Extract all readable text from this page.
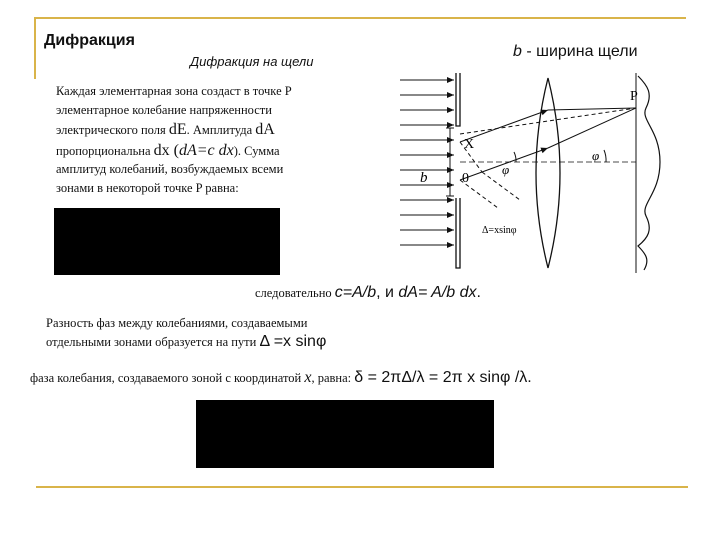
Дифракция
Дифракция на щели
b - ширина щели
Каждая элементарная зона создаст в точке P
элементарное колебание напряженности
электрического поля dE. Амплитуда dA
пропорциональна dx (dA=c dx). Сумма
амплитуд колебаний, возбуждаемых всеми
зонами в некоторой точке P равна:
следовательно c=A/b, и dA= A/b dx.
Разность фаз между колебаниями, создаваемыми
отдельными зонами образуется на пути Δ =x sinφ
фаза колебания, создаваемого зоной с координатой x, равна: δ = 2πΔ/λ = 2π x sinφ /λ.
P
X
b 0
φ
φ
Δ=xsinφ
